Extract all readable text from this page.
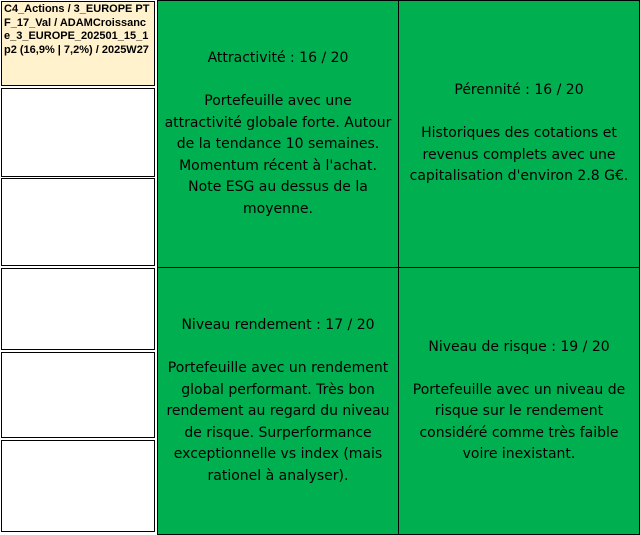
C4_Actions / 3_EUROPE PTF_17_Val / ADAMCroissance_3_EUROPE_202501_15_1p2 (16,9% | 7,2%) / 2025W27

Attractivité : 16 / 20

Portefeuille avec une attractivité globale forte. Autour de la tendance 10 semaines. Momentum récent à l'achat. Note ESG au dessus de la moyenne.

Pérennité : 16 / 20

Historiques des cotations et revenus complets avec une capitalisation d'environ 2.8 G€.

Niveau rendement : 17 / 20

Portefeuille avec un rendement global performant. Très bon rendement au regard du niveau de risque. Surperformance exceptionnelle vs index (mais rationel à analyser).

Niveau de risque : 19 / 20

Portefeuille avec un niveau de risque sur le rendement considéré comme très faible voire inexistant.
